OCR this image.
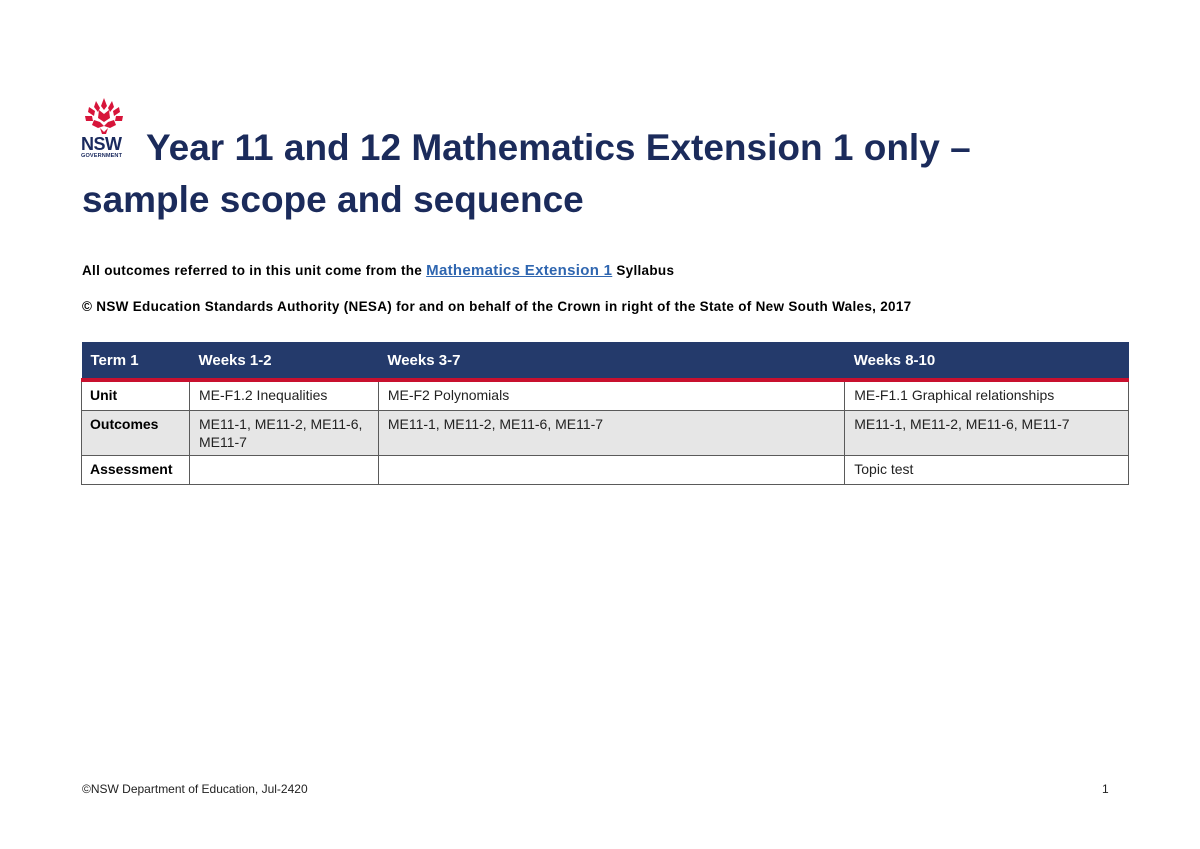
NSW
GOVERNMENT Year 11 and 12 Mathematics Extension 1 only –
sample scope and sequence
All outcomes referred to in this unit come from the Mathematics Extension 1 Syllabus
© NSW Education Standards Authority (NESA) for and on behalf of the Crown in right of the State of New South Wales, 2017
Term 1	Weeks 1-2	Weeks 3-7	Weeks 8-10
Unit	ME-F1.2 Inequalities	ME-F2 Polynomials	ME-F1.1 Graphical relationships
Outcomes	ME11-1, ME11-2, ME11-6, ME11-7	ME11-1, ME11-2, ME11-6, ME11-7	ME11-1, ME11-2, ME11-6, ME11-7
Assessment			Topic test
©NSW Department of Education, Jul-2420	1
